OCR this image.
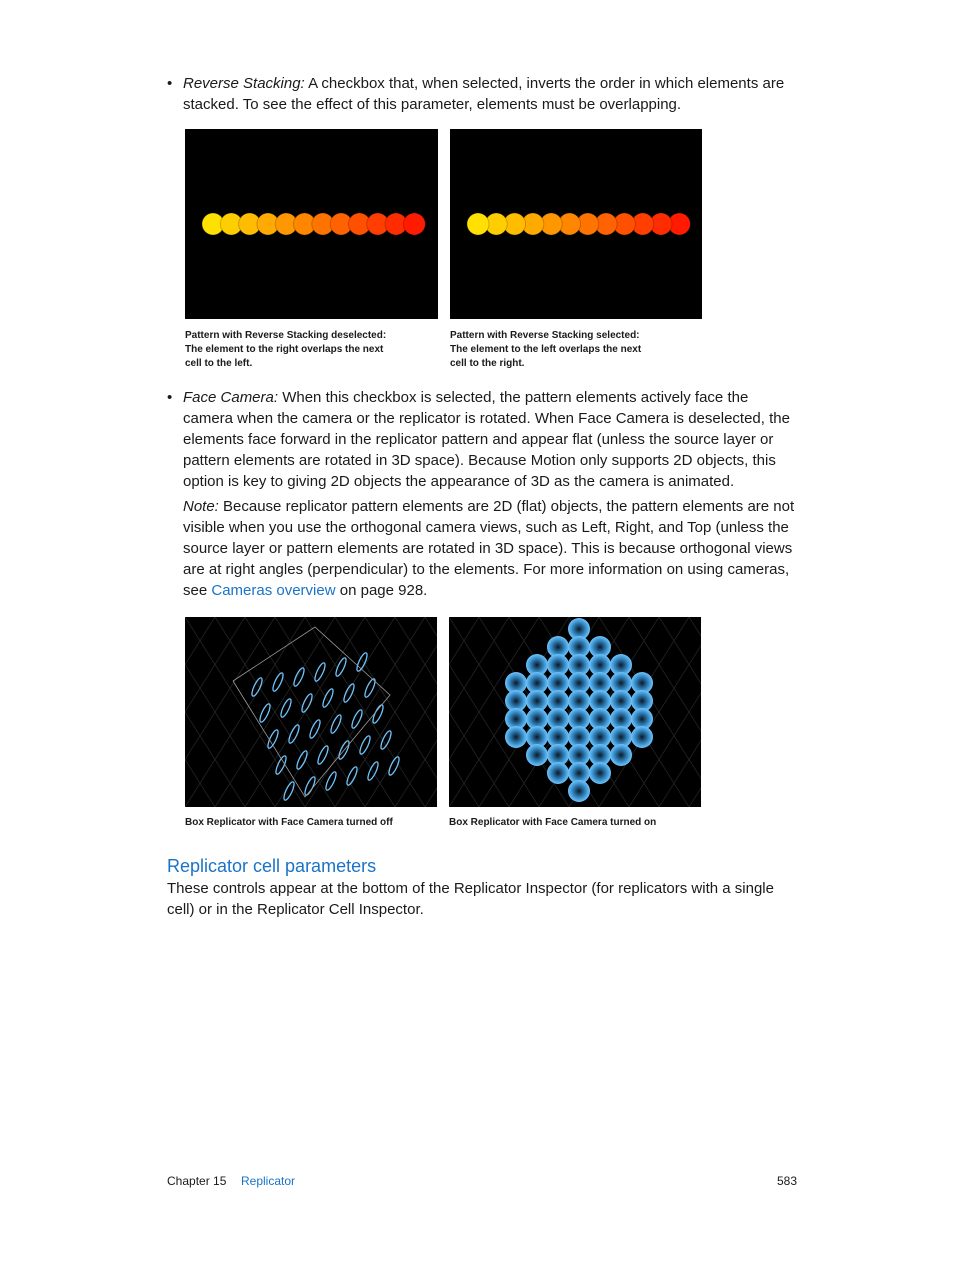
• Reverse Stacking: A checkbox that, when selected, inverts the order in which elements are stacked. To see the effect of this parameter, elements must be overlapping.
Pattern with Reverse Stacking deselected:
The element to the right overlaps the next
cell to the left.
Pattern with Reverse Stacking selected:
The element to the left overlaps the next
cell to the right.
• Face Camera: When this checkbox is selected, the pattern elements actively face the camera when the camera or the replicator is rotated. When Face Camera is deselected, the elements face forward in the replicator pattern and appear flat (unless the source layer or pattern elements are rotated in 3D space). Because Motion only supports 2D objects, this option is key to giving 2D objects the appearance of 3D as the camera is animated.
Note: Because replicator pattern elements are 2D (flat) objects, the pattern elements are not visible when you use the orthogonal camera views, such as Left, Right, and Top (unless the source layer or pattern elements are rotated in 3D space). This is because orthogonal views are at right angles (perpendicular) to the elements. For more information on using cameras, see Cameras overview on page 928.
Box Replicator with Face Camera turned off	Box Replicator with Face Camera turned on
Replicator cell parameters
These controls appear at the bottom of the Replicator Inspector (for replicators with a single cell) or in the Replicator Cell Inspector.
Chapter 15 Replicator	583
